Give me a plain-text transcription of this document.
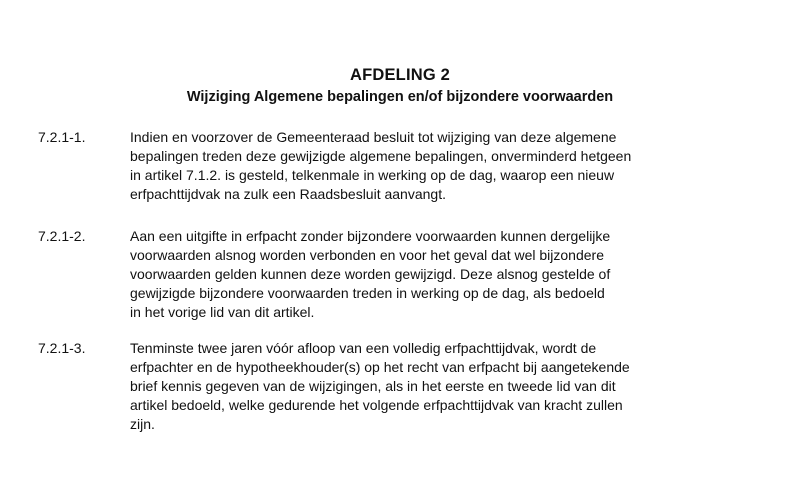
AFDELING 2
Wijziging Algemene bepalingen en/of bijzondere voorwaarden

7.2.1-1.	Indien en voorzover de Gemeenteraad besluit tot wijziging van deze algemene
bepalingen treden deze gewijzigde algemene bepalingen, onverminderd hetgeen
in artikel 7.1.2. is gesteld, telkenmale in werking op de dag, waarop een nieuw
erfpachttijdvak na zulk een Raadsbesluit aanvangt.

7.2.1-2.	Aan een uitgifte in erfpacht zonder bijzondere voorwaarden kunnen dergelijke
voorwaarden alsnog worden verbonden en voor het geval dat wel bijzondere
voorwaarden gelden kunnen deze worden gewijzigd. Deze alsnog gestelde of
gewijzigde bijzondere voorwaarden treden in werking op de dag, als bedoeld
in het vorige lid van dit artikel.

7.2.1-3.	Tenminste twee jaren vóór afloop van een volledig erfpachttijdvak, wordt de
erfpachter en de hypotheekhouder(s) op het recht van erfpacht bij aangetekende
brief kennis gegeven van de wijzigingen, als in het eerste en tweede lid van dit
artikel bedoeld, welke gedurende het volgende erfpachttijdvak van kracht zullen
zijn.
